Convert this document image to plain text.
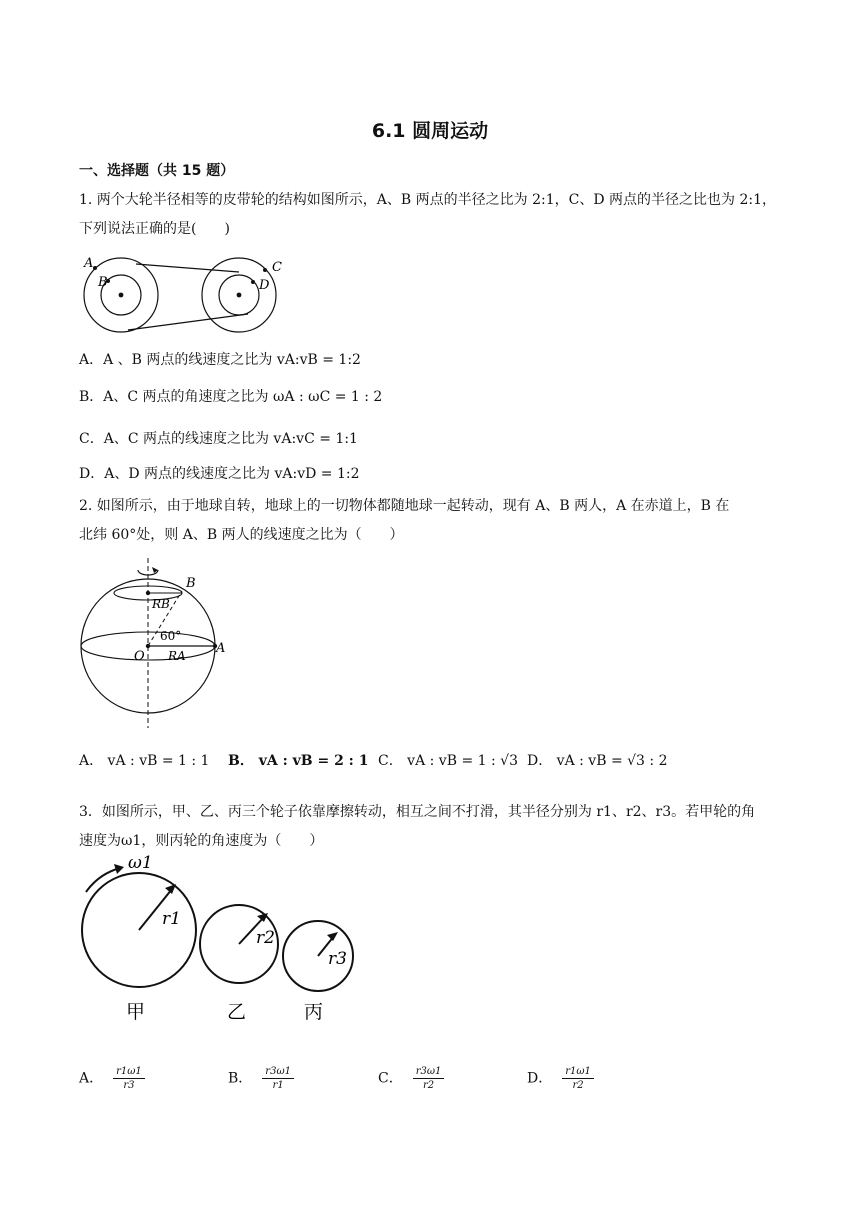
6.1 圆周运动
一、选择题（共 15 题）
1. 两个大轮半径相等的皮带轮的结构如图所示，A、B 两点的半径之比为 2:1，C、D 两点的半径之比也为 2:1，
下列说法正确的是(　　)
A
B
C
D
A．A 、B 两点的线速度之比为 vA:vB = 1:2
B．A、C 两点的角速度之比为 ωA : ωC = 1 : 2
C．A、C 两点的线速度之比为 vA:vC = 1:1
D．A、D 两点的线速度之比为 vA:vD = 1:2
2. 如图所示，由于地球自转，地球上的一切物体都随地球一起转动，现有 A、B 两人，A 在赤道上，B 在
北纬 60°处，则 A、B 两人的线速度之比为（　　）
B
RB
60°
O RA A
A． vA : vB = 1 : 1 B． vA : vB = 2 : 1 C． vA : vB = 1 : √3 D． vA : vB = √3 : 2
3．如图所示，甲、乙、丙三个轮子依靠摩擦转动，相互之间不打滑，其半径分别为 r1、r2、r3。若甲轮的角
速度为ω1，则丙轮的角速度为（　　）
ω1
r1
r2
r3
甲	乙	丙
A． $\frac{r1\omega 1}{r3}$	B． $\frac{r3\omega 1}{r1}$	C． $\frac{r3\omega 1}{r2}$	D． $\frac{r1\omega 1}{r2}$
